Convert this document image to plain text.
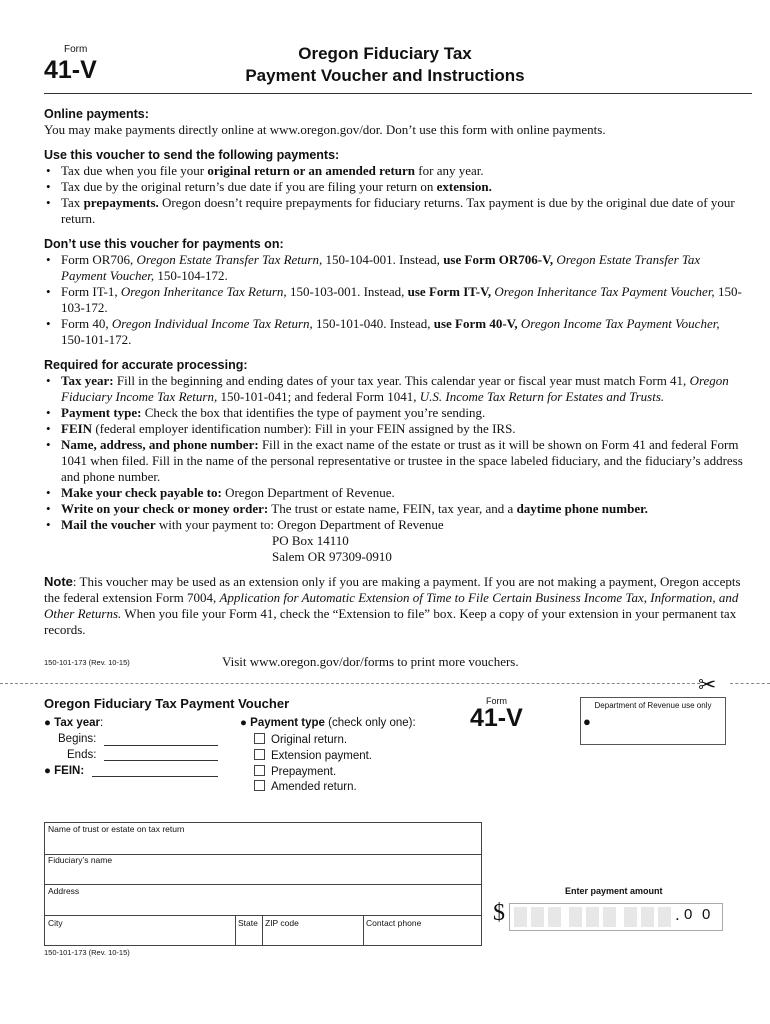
Form
41-V
Oregon Fiduciary Tax
Payment Voucher and Instructions
Online payments:
You may make payments directly online at www.oregon.gov/dor. Don’t use this form with online payments.
Use this voucher to send the following payments:
• Tax due when you file your original return or an amended return for any year.
• Tax due by the original return’s due date if you are filing your return on extension.
• Tax prepayments. Oregon doesn’t require prepayments for fiduciary returns. Tax payment is due by the original due date of your return.
Don’t use this voucher for payments on:
• Form OR706, Oregon Estate Transfer Tax Return, 150-104-001. Instead, use Form OR706-V, Oregon Estate Transfer Tax Payment Voucher, 150-104-172.
• Form IT-1, Oregon Inheritance Tax Return, 150-103-001. Instead, use Form IT-V, Oregon Inheritance Tax Payment Voucher, 150-103-172.
• Form 40, Oregon Individual Income Tax Return, 150-101-040. Instead, use Form 40-V, Oregon Income Tax Payment Voucher, 150-101-172.
Required for accurate processing:
• Tax year: Fill in the beginning and ending dates of your tax year. This calendar year or fiscal year must match Form 41, Oregon Fiduciary Income Tax Return, 150-101-041; and federal Form 1041, U.S. Income Tax Return for Estates and Trusts.
• Payment type: Check the box that identifies the type of payment you’re sending.
• FEIN (federal employer identification number): Fill in your FEIN assigned by the IRS.
• Name, address, and phone number: Fill in the exact name of the estate or trust as it will be shown on Form 41 and federal Form 1041 when filed. Fill in the name of the personal representative or trustee in the space labeled fiduciary, and the fiduciary’s address and phone number.
• Make your check payable to: Oregon Department of Revenue.
• Write on your check or money order: The trust or estate name, FEIN, tax year, and a daytime phone number.
• Mail the voucher with your payment to: Oregon Department of Revenue
PO Box 14110
Salem OR 97309-0910
Note: This voucher may be used as an extension only if you are making a payment. If you are not making a payment, Oregon accepts the federal extension Form 7004, Application for Automatic Extension of Time to File Certain Business Income Tax, Information, and Other Returns. When you file your Form 41, check the “Extension to file” box. Keep a copy of your extension in your permanent tax records.
150-101-173 (Rev. 10-15)	Visit www.oregon.gov/dor/forms to print more vouchers.
✂
Oregon Fiduciary Tax Payment Voucher	Form
41-V	Department of Revenue use only
●
● Tax year:
Begins:
Ends:
● FEIN:
● Payment type (check only one):
Original return.
Extension payment.
Prepayment.
Amended return.
Name of trust or estate on tax return
Fiduciary’s name
Address
City	State ZIP code	Contact phone
150-101-173 (Rev. 10-15)
Enter payment amount
$	. 0 0
